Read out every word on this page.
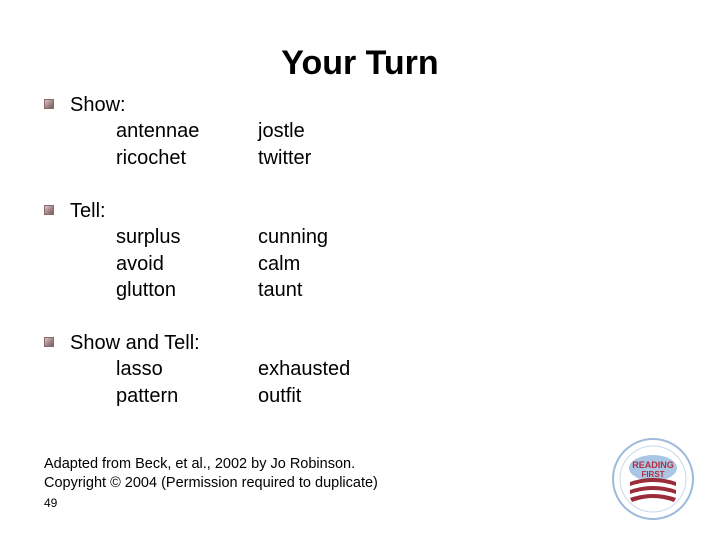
Your Turn
Show:
antennae
ricochet
jostle
twitter
Tell:
surplus
avoid
glutton
cunning
calm
taunt
Show and Tell:
lasso
pattern
exhausted
outfit
Adapted from Beck, et al., 2002 by Jo Robinson.
Copyright © 2004 (Permission required to duplicate)
49
READING
FIRST
